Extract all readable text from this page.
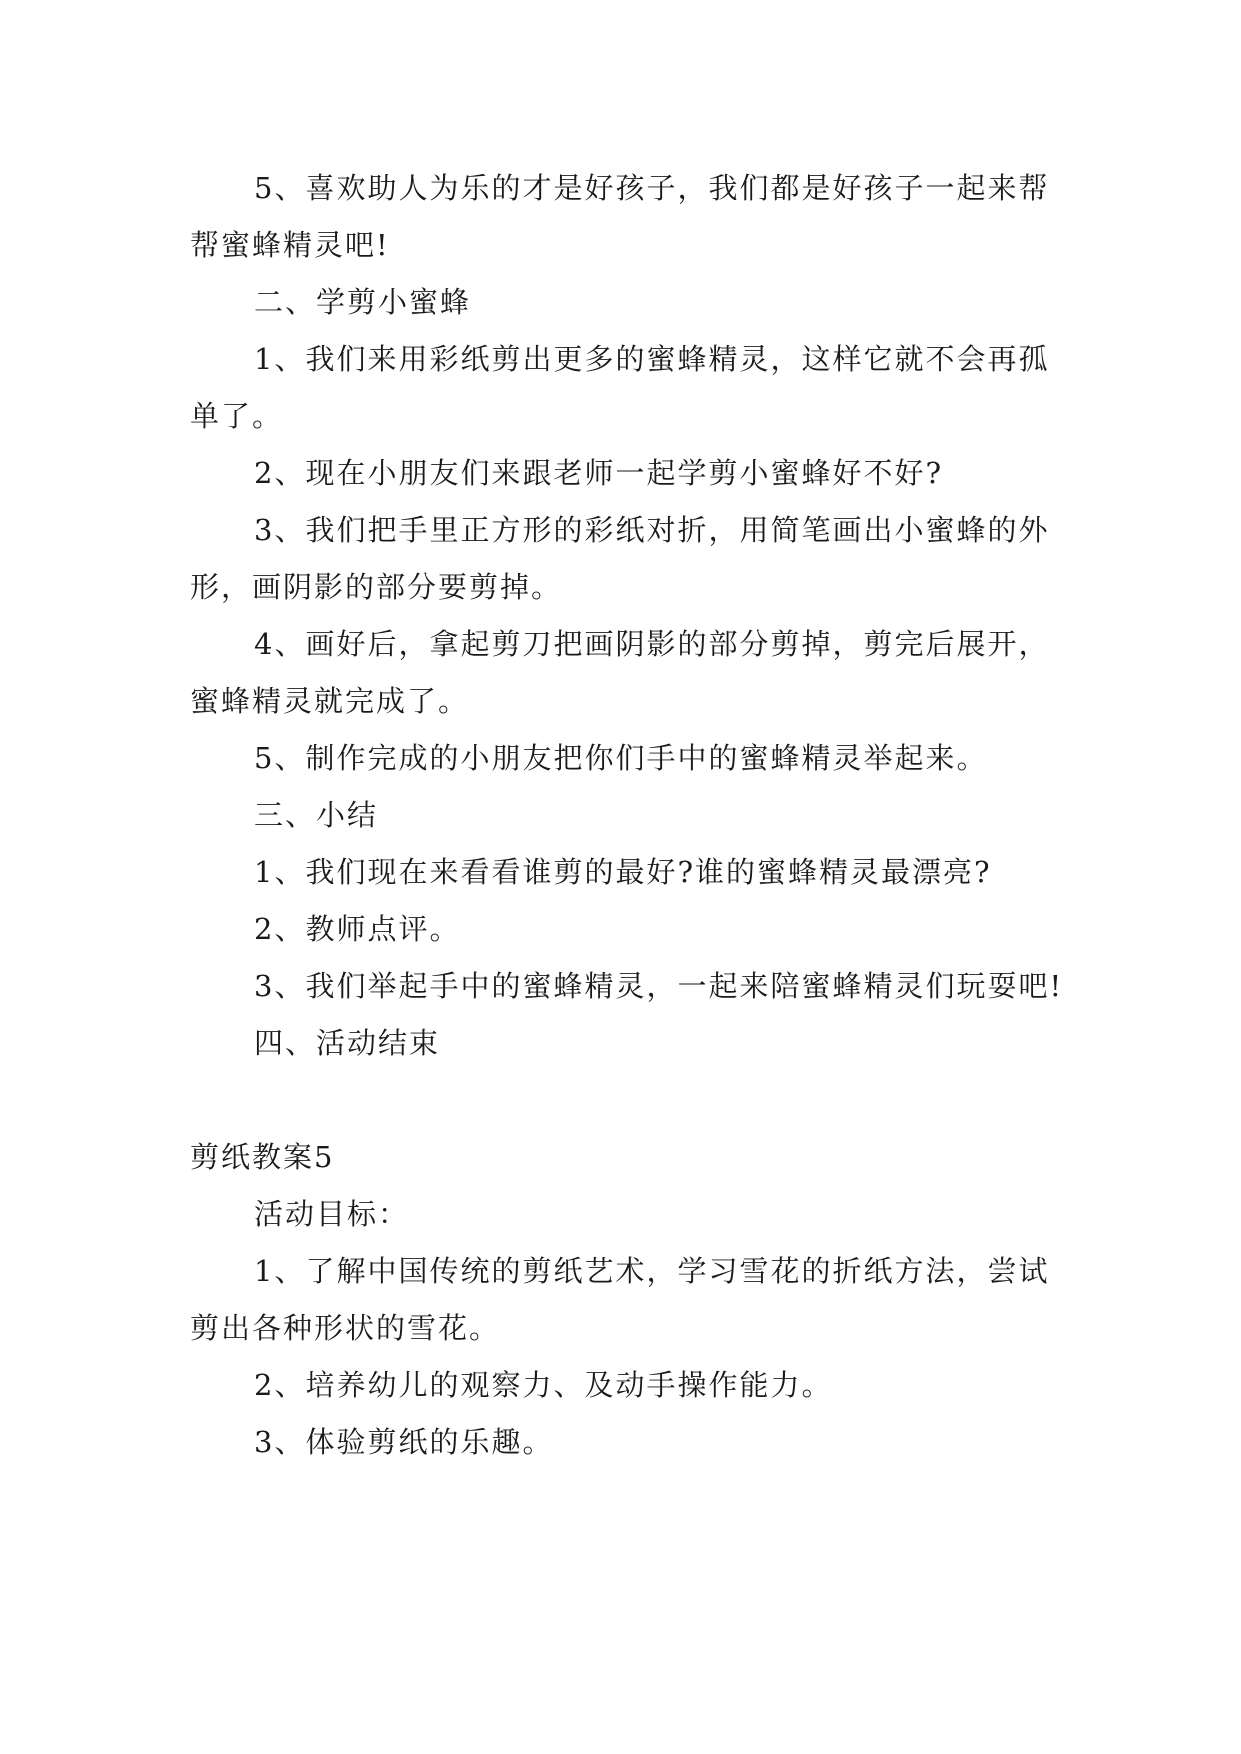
5、喜欢助人为乐的才是好孩子，我们都是好孩子一起来帮帮蜜蜂精灵吧!

二、学剪小蜜蜂

1、我们来用彩纸剪出更多的蜜蜂精灵，这样它就不会再孤单了。

2、现在小朋友们来跟老师一起学剪小蜜蜂好不好?

3、我们把手里正方形的彩纸对折，用简笔画出小蜜蜂的外形，画阴影的部分要剪掉。

4、画好后，拿起剪刀把画阴影的部分剪掉，剪完后展开，蜜蜂精灵就完成了。

5、制作完成的小朋友把你们手中的蜜蜂精灵举起来。

三、小结

1、我们现在来看看谁剪的最好?谁的蜜蜂精灵最漂亮?

2、教师点评。

3、我们举起手中的蜜蜂精灵，一起来陪蜜蜂精灵们玩耍吧!

四、活动结束

剪纸教案5

活动目标：

1、了解中国传统的剪纸艺术，学习雪花的折纸方法，尝试剪出各种形状的雪花。

2、培养幼儿的观察力、及动手操作能力。

3、体验剪纸的乐趣。
